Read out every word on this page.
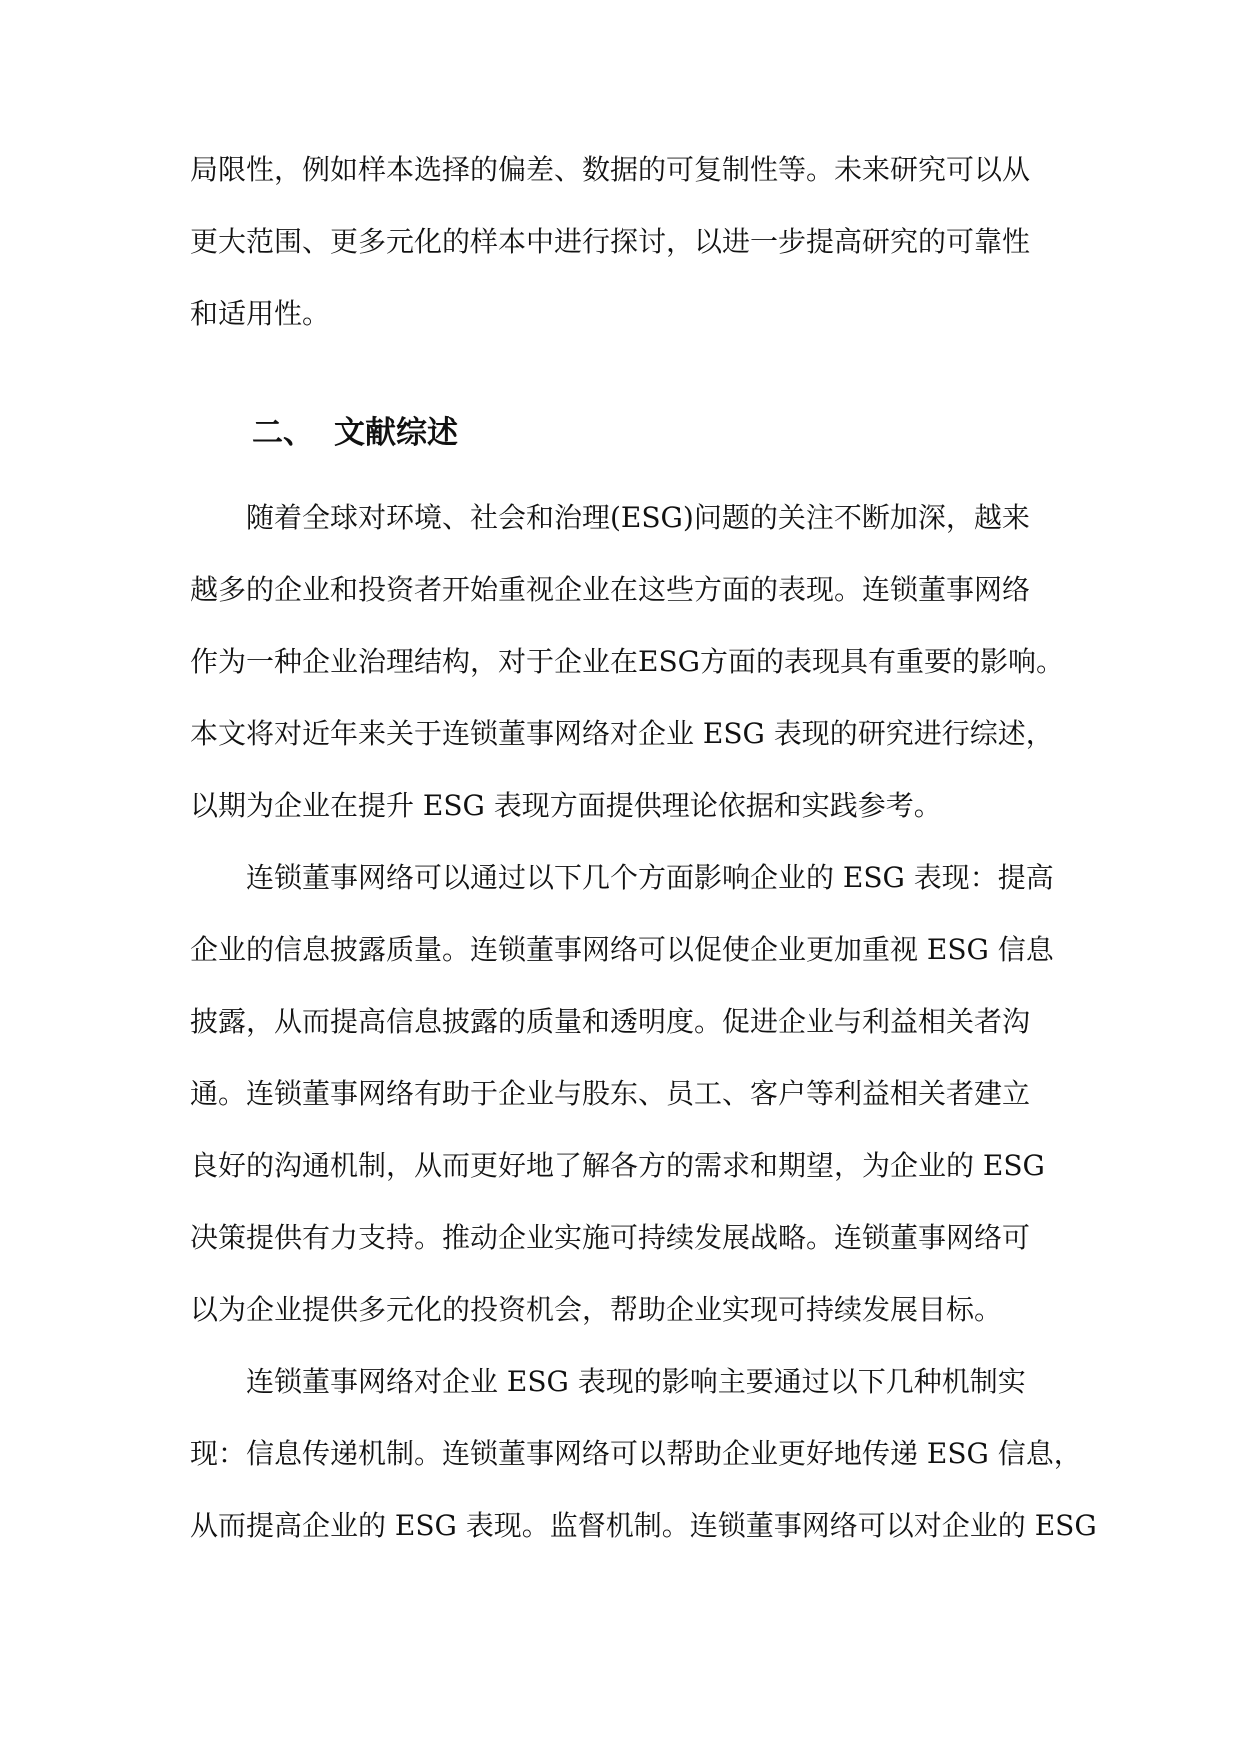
局限性，例如样本选择的偏差、数据的可复制性等。未来研究可以从
更大范围、更多元化的样本中进行探讨，以进一步提高研究的可靠性
和适用性。
二、 文献综述
随着全球对环境、社会和治理(ESG)问题的关注不断加深，越来
越多的企业和投资者开始重视企业在这些方面的表现。连锁董事网络
作为一种企业治理结构，对于企业在ESG方面的表现具有重要的影响。
本文将对近年来关于连锁董事网络对企业 ESG 表现的研究进行综述，
以期为企业在提升 ESG 表现方面提供理论依据和实践参考。
连锁董事网络可以通过以下几个方面影响企业的 ESG 表现：提高
企业的信息披露质量。连锁董事网络可以促使企业更加重视 ESG 信息
披露，从而提高信息披露的质量和透明度。促进企业与利益相关者沟
通。连锁董事网络有助于企业与股东、员工、客户等利益相关者建立
良好的沟通机制，从而更好地了解各方的需求和期望，为企业的 ESG
决策提供有力支持。推动企业实施可持续发展战略。连锁董事网络可
以为企业提供多元化的投资机会，帮助企业实现可持续发展目标。
连锁董事网络对企业 ESG 表现的影响主要通过以下几种机制实
现：信息传递机制。连锁董事网络可以帮助企业更好地传递 ESG 信息，
从而提高企业的 ESG 表现。监督机制。连锁董事网络可以对企业的 ESG
